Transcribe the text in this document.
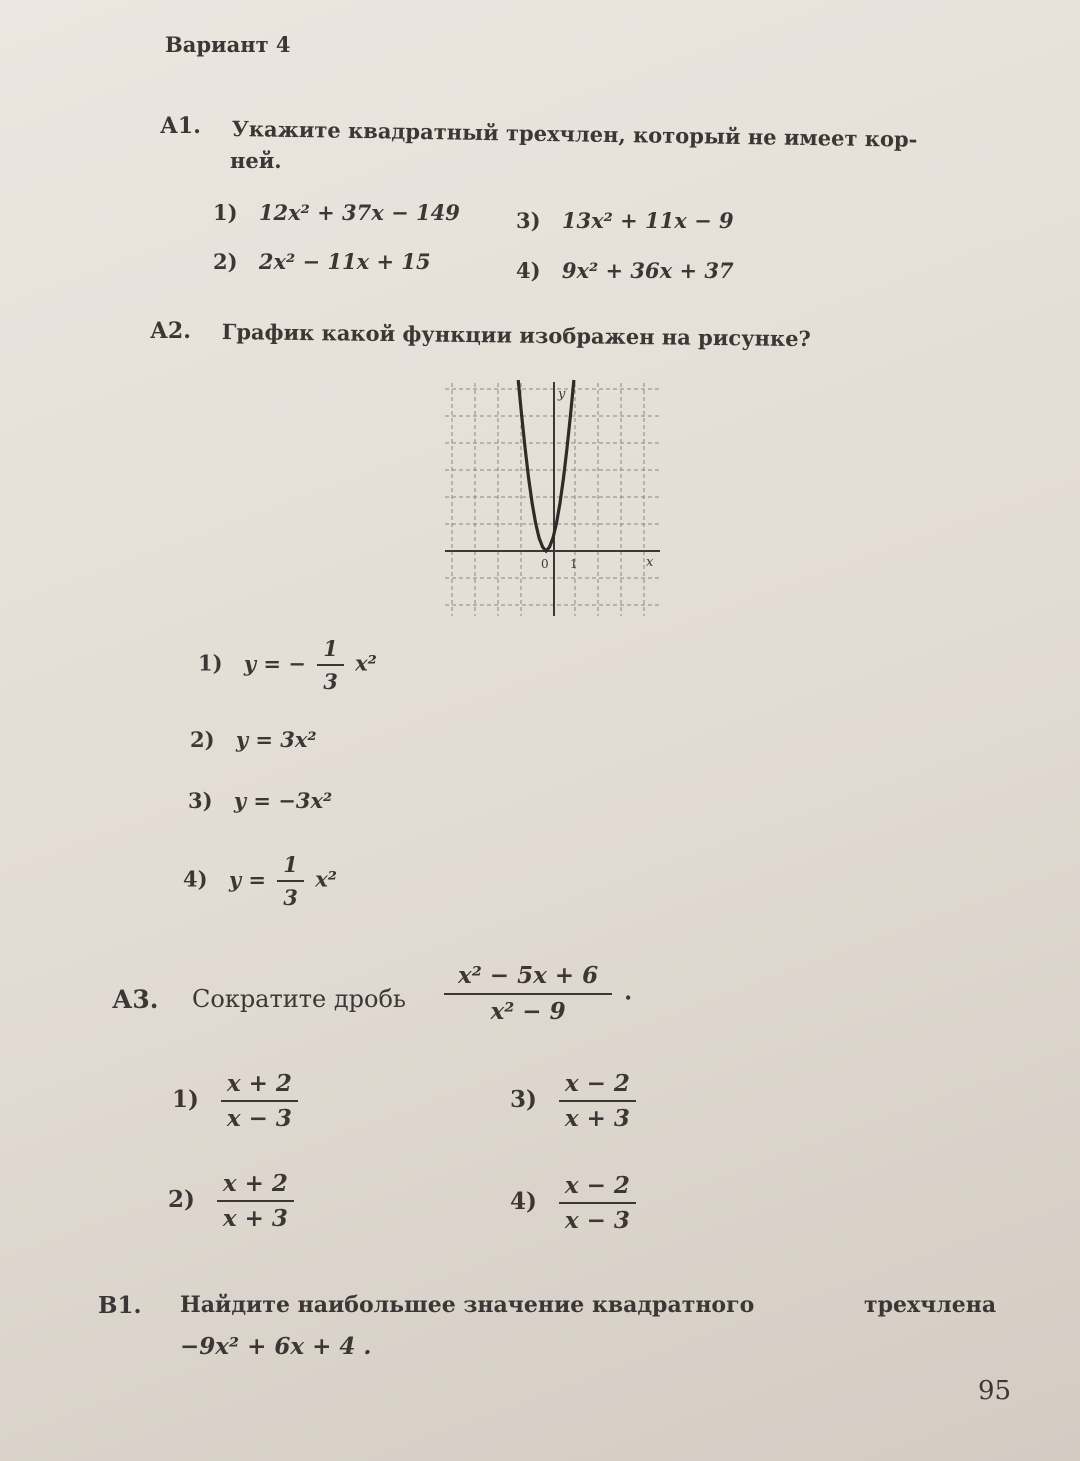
Вариант 4
А1. Укажите квадратный трехчлен, который не имеет кор-
ней.
1) 12x² + 37x − 149
2) 2x² − 11x + 15
3) 13x² + 11x − 9
4) 9x² + 36x + 37
А2. График какой функции изображен на рисунке?
y
x
0 1
1) y = − $\frac{1}{3} x^2$
2) y = 3x²
3) y = −3x²
4) $y = \frac{1}{3} x^2$
А3. Сократите дробь $\frac{\text{x² − 5x + 6}}{\text{x² − 9}}$ .
$1) \frac{x + 2}{x - 3}$
$2) \frac{x + 2}{x + 3}$
$3) \frac{x - 2}{x + 3}$
$4) \frac{x - 2}{x - 3}$
В1. Найдите наибольшее значение квадратного	трехчлена
−9x² + 6x + 4 .
95
